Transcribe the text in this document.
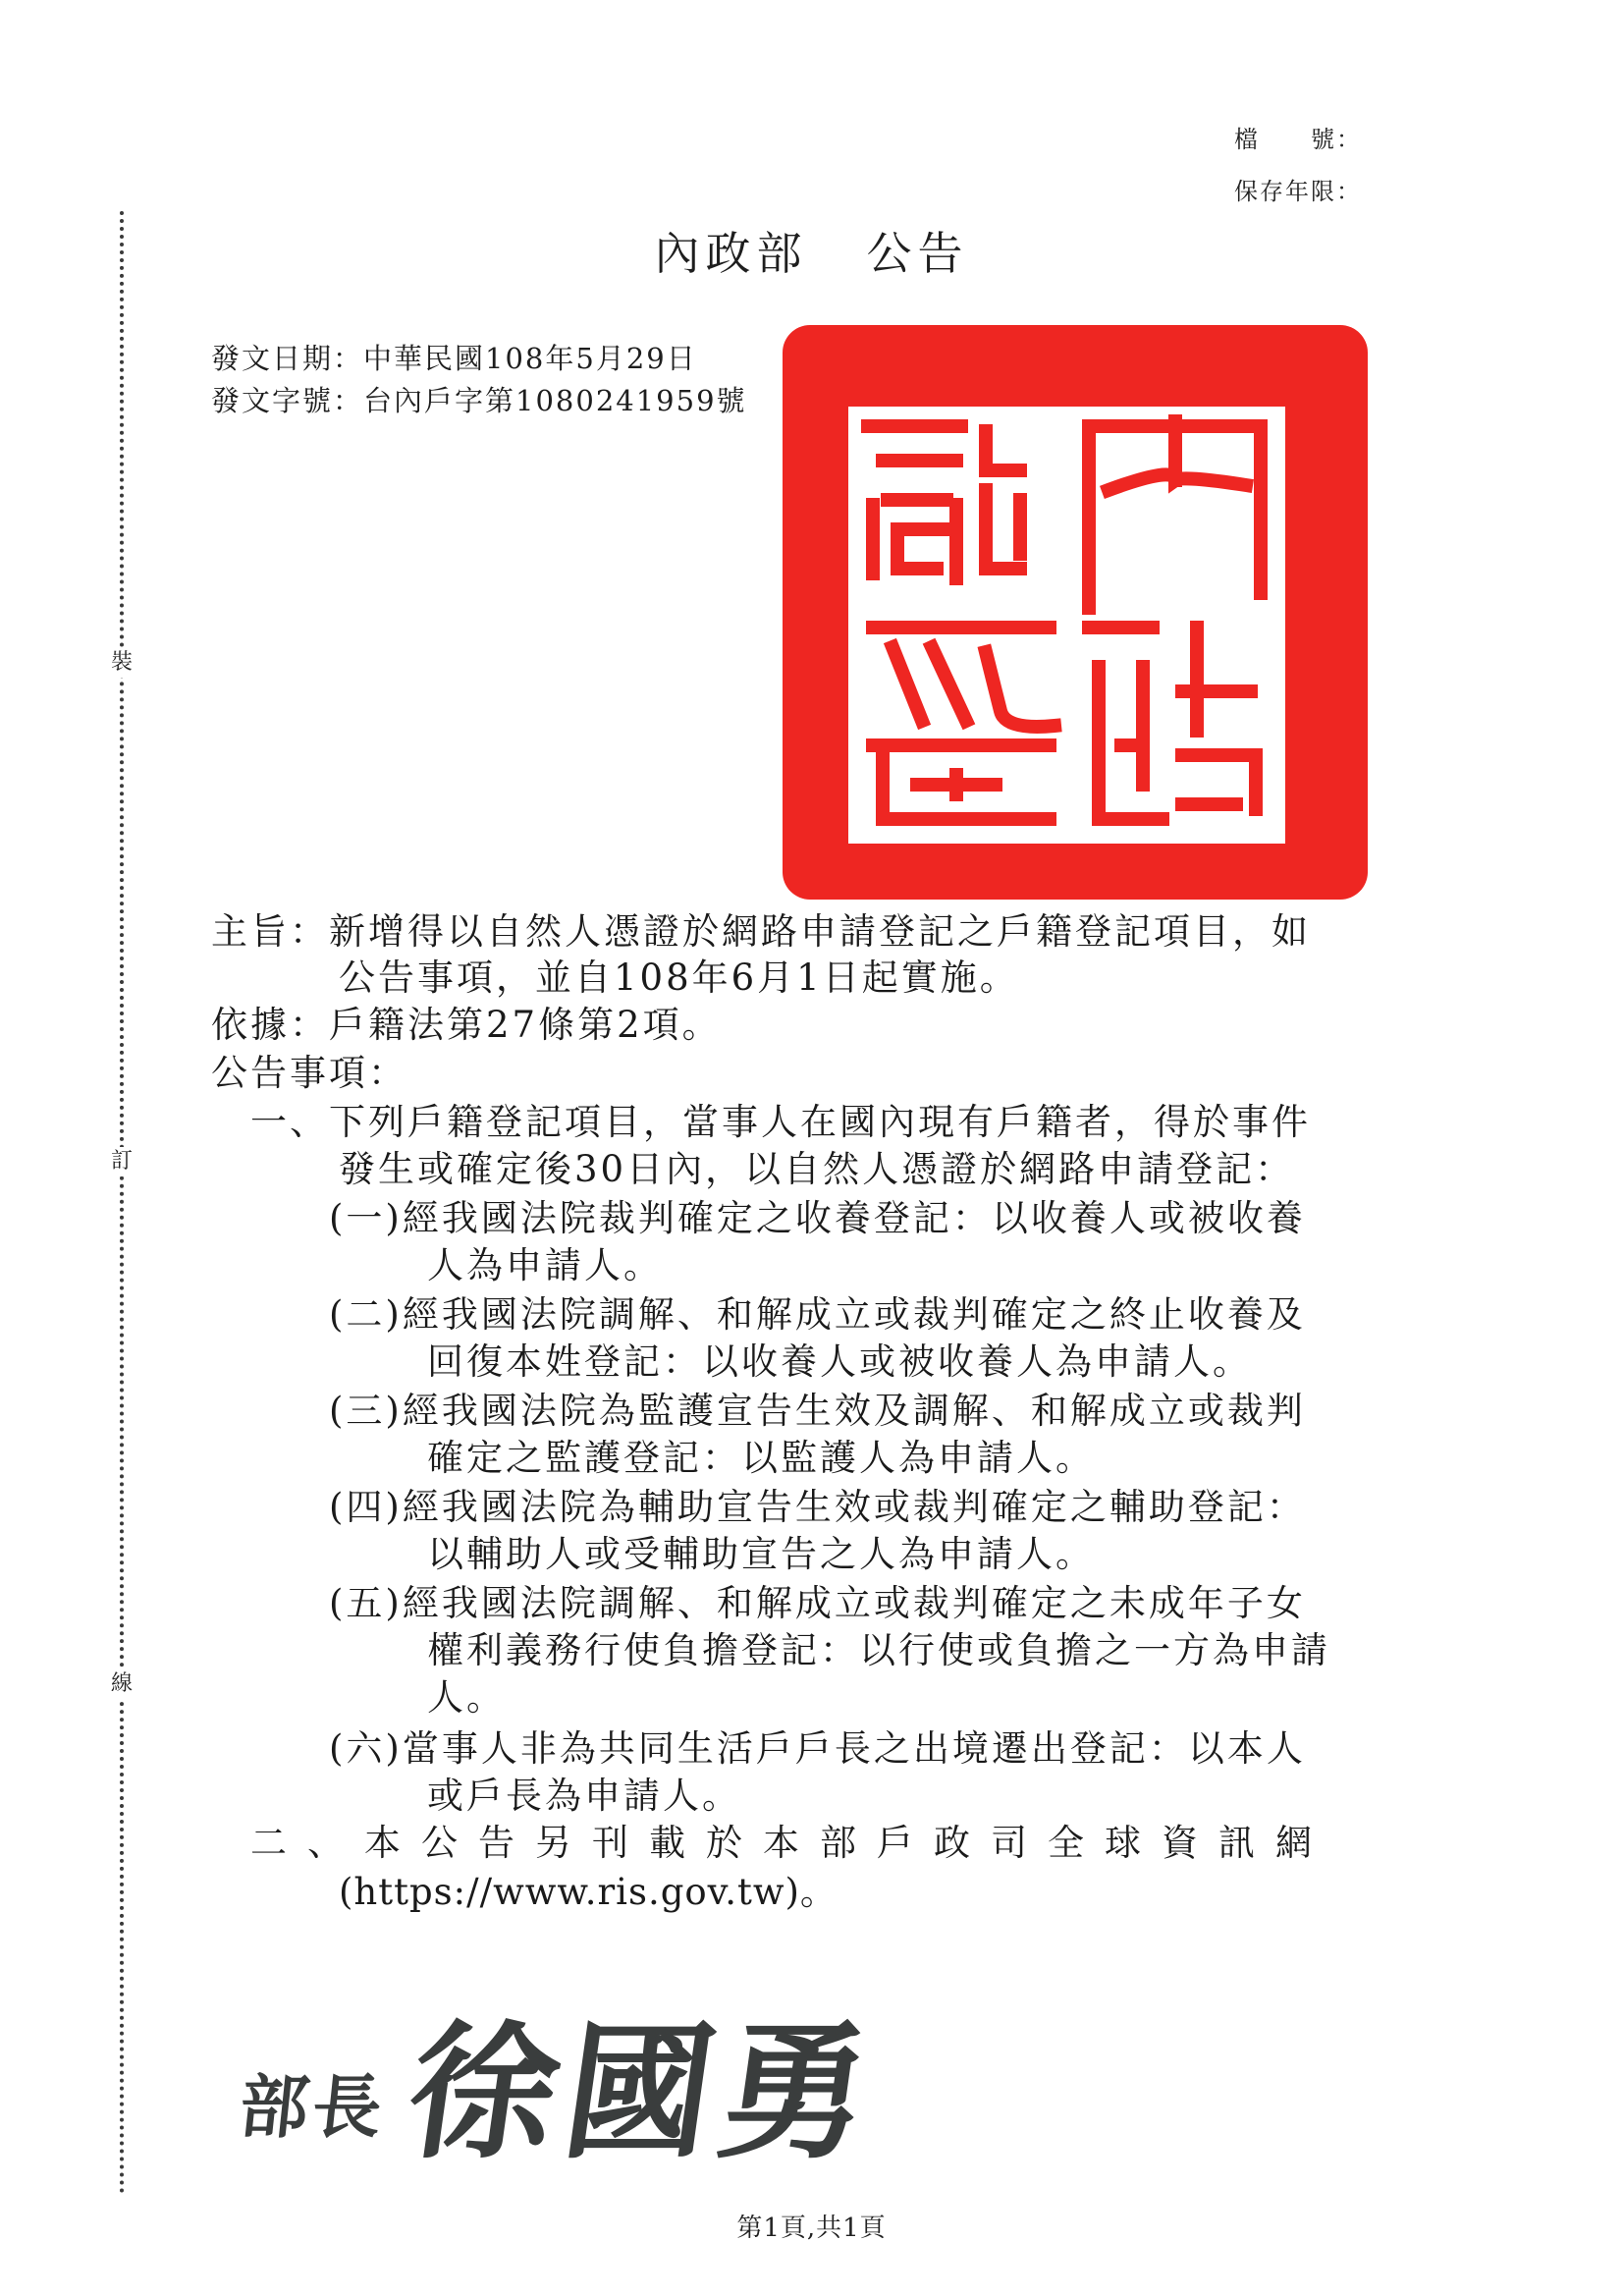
裝
訂
線
檔　　號：
保存年限：
內政部 公告
發文日期：中華民國108年5月29日
發文字號：台內戶字第1080241959號
主旨：新增得以自然人憑證於網路申請登記之戶籍登記項目，如
公告事項，並自108年6月1日起實施。
依據：戶籍法第27條第2項。
公告事項：
一、下列戶籍登記項目，當事人在國內現有戶籍者，得於事件
發生或確定後30日內，以自然人憑證於網路申請登記：
(一)經我國法院裁判確定之收養登記：以收養人或被收養
人為申請人。
(二)經我國法院調解、和解成立或裁判確定之終止收養及
回復本姓登記：以收養人或被收養人為申請人。
(三)經我國法院為監護宣告生效及調解、和解成立或裁判
確定之監護登記：以監護人為申請人。
(四)經我國法院為輔助宣告生效或裁判確定之輔助登記：
以輔助人或受輔助宣告之人為申請人。
(五)經我國法院調解、和解成立或裁判確定之未成年子女
權利義務行使負擔登記：以行使或負擔之一方為申請
人。
(六)當事人非為共同生活戶戶長之出境遷出登記：以本人
或戶長為申請人。
二、本公告另刊載於本部戶政司全球資訊網
(https://www.ris.gov.tw)。
部長 徐國勇
第1頁,共1頁
